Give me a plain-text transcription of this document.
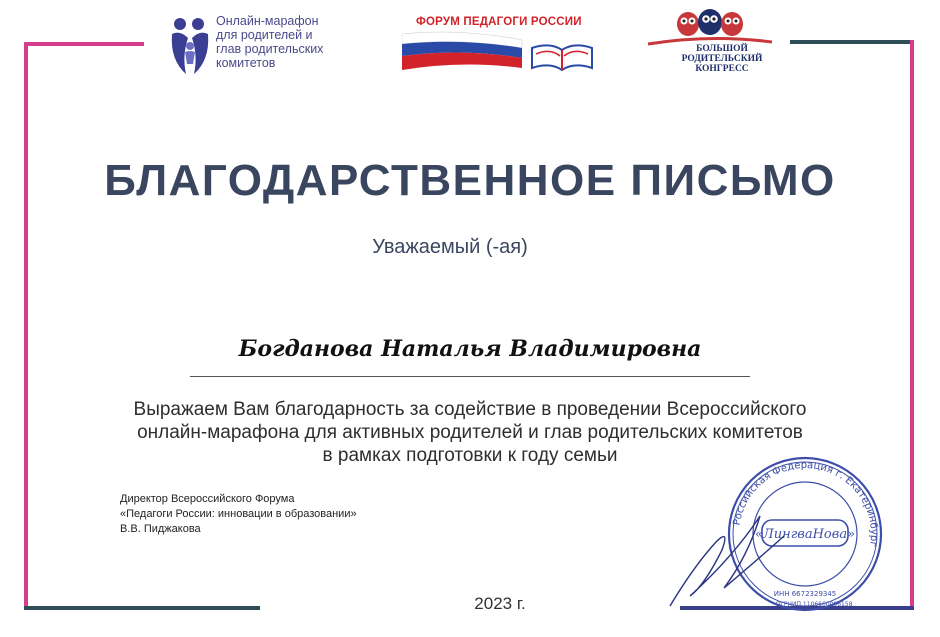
Онлайн-марафон
для родителей и
глав родительских
комитетов
ФОРУМ ПЕДАГОГИ РОССИИ
БОЛЬШОЙ
РОДИТЕЛЬСКИЙ
КОНГРЕСС
БЛАГОДАРСТВЕННОЕ ПИСЬМО
Уважаемый (-ая)
Богданова Наталья Владимировна
Выражаем Вам благодарность за содействие в проведении Всероссийского
онлайн-марафона для активных родителей и глав родительских комитетов
в рамках подготовки к году семьи
Директор Всероссийского Форума
«Педагоги России: инновации в образовании»
В.В. Пиджакова
Российская Федерация г. Екатеринбург
ИНН 6672329345
ОГРНИП 1106660006158
«ЛингваНова»
2023 г.
